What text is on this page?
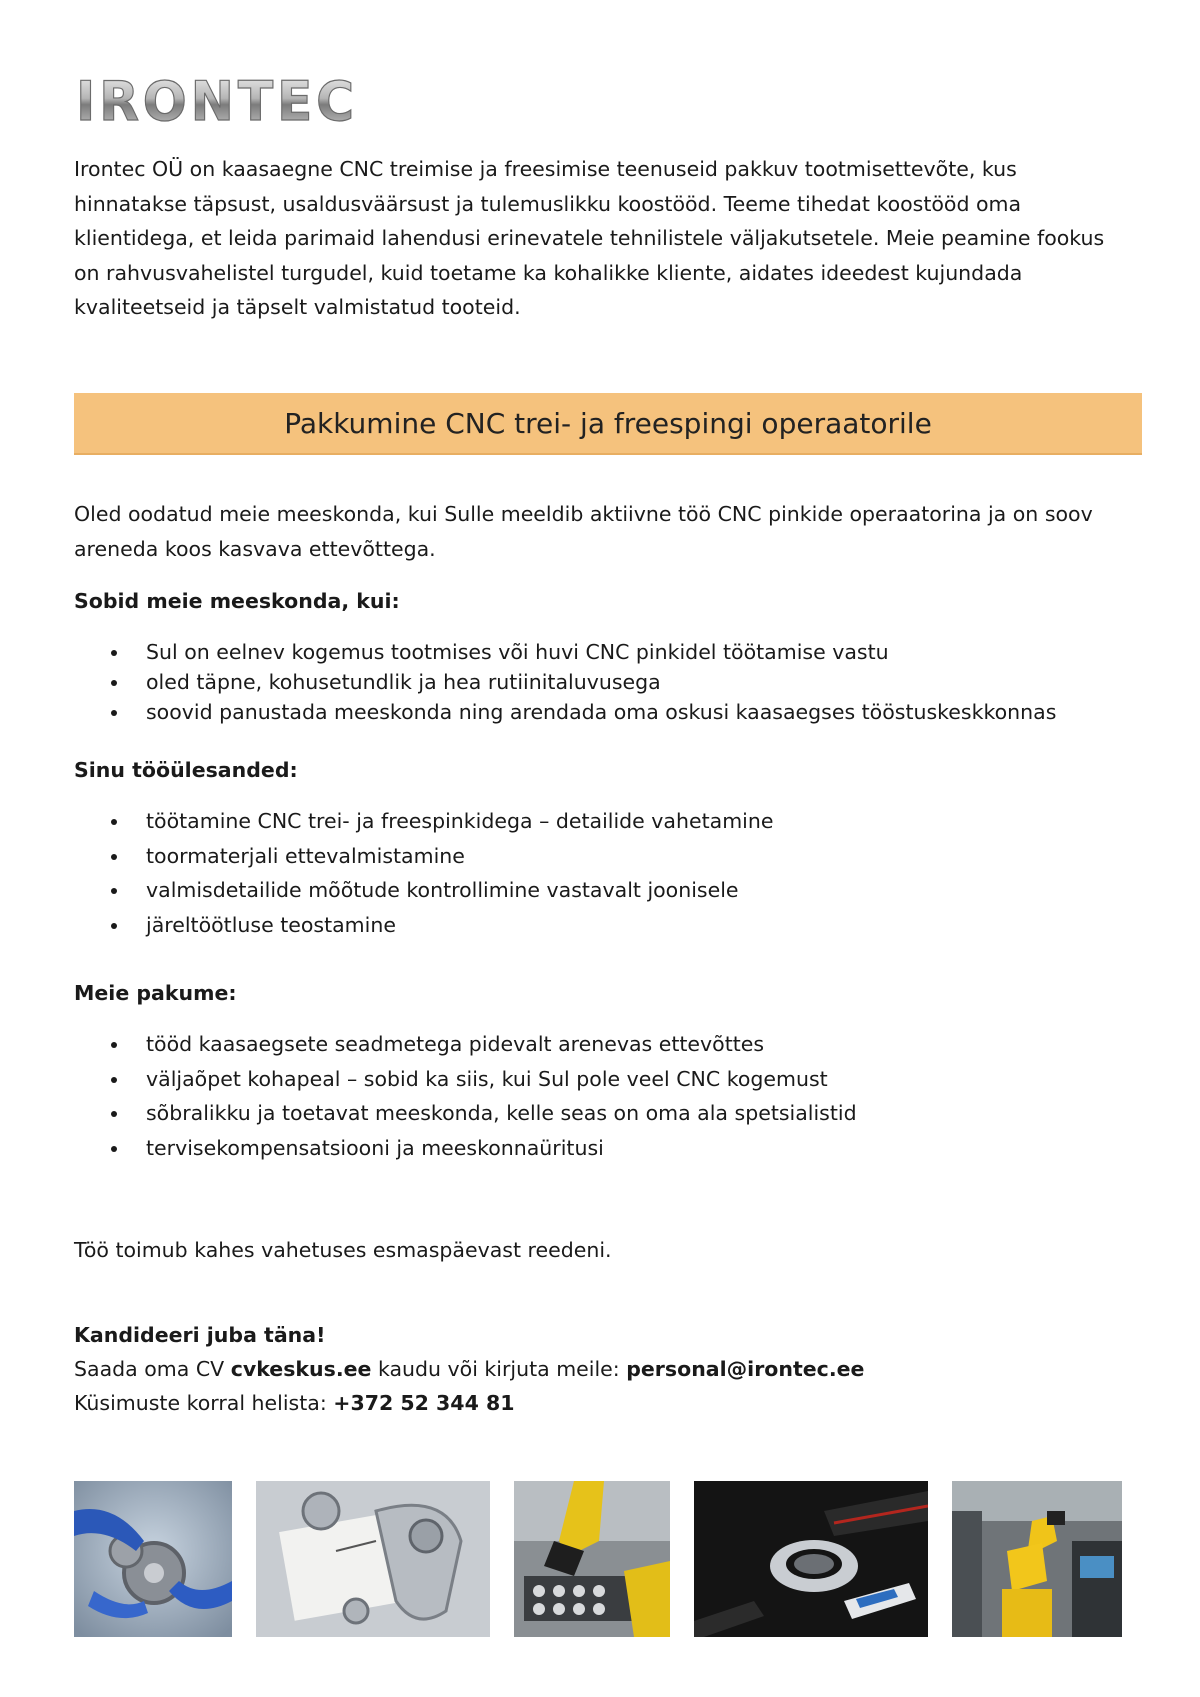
IRONTEC

Irontec OÜ on kaasaegne CNC treimise ja freesimise teenuseid pakkuv tootmisettevõte, kus hinnatakse täpsust, usaldusväärsust ja tulemuslikku koostööd. Teeme tihedat koostööd oma klientidega, et leida parimaid lahendusi erinevatele tehnilistele väljakutsetele. Meie peamine fookus on rahvusvahelistel turgudel, kuid toetame ka kohalikke kliente, aidates ideedest kujundada kvaliteetseid ja täpselt valmistatud tooteid.

Pakkumine CNC trei- ja freespingi operaatorile

Oled oodatud meie meeskonda, kui Sulle meeldib aktiivne töö CNC pinkide operaatorina ja on soov areneda koos kasvava ettevõttega.

Sobid meie meeskonda, kui:

Sul on eelnev kogemus tootmises või huvi CNC pinkidel töötamise vastu
oled täpne, kohusetundlik ja hea rutiinitaluvusega
soovid panustada meeskonda ning arendada oma oskusi kaasaegses tööstuskeskkonnas

Sinu tööülesanded:

töötamine CNC trei- ja freespinkidega – detailide vahetamine
toormaterjali ettevalmistamine
valmisdetailide mõõtude kontrollimine vastavalt joonisele
järeltöötluse teostamine

Meie pakume:

tööd kaasaegsete seadmetega pidevalt arenevas ettevõttes
väljaõpet kohapeal – sobid ka siis, kui Sul pole veel CNC kogemust
sõbralikku ja toetavat meeskonda, kelle seas on oma ala spetsialistid
tervisekompensatsiooni ja meeskonnaüritusi

Töö toimub kahes vahetuses esmaspäevast reedeni.

Kandideeri juba täna!

Saada oma CV cvkeskus.ee kaudu või kirjuta meile: personal@irontec.ee

Küsimuste korral helista: +372 52 344 81
